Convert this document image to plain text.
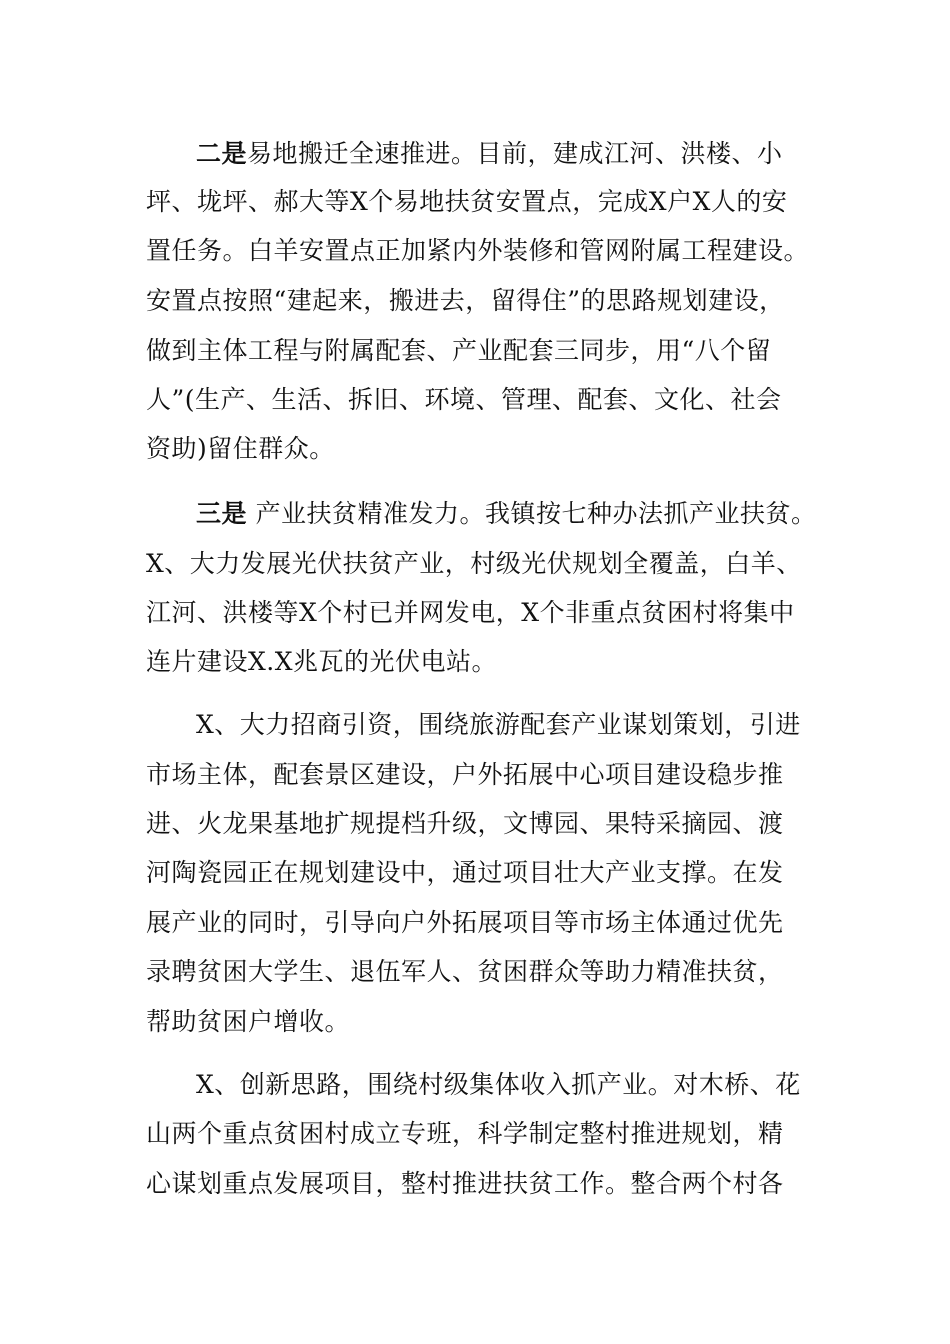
二是易地搬迁全速推进。目前，建成江河、洪楼、小
坪、垅坪、郝大等X个易地扶贫安置点，完成X户X人的安
置任务。白羊安置点正加紧内外装修和管网附属工程建设。
安置点按照“建起来，搬进去，留得住”的思路规划建设，
做到主体工程与附属配套、产业配套三同步，用“八个留
人”(生产、生活、拆旧、环境、管理、配套、文化、社会
资助)留住群众。
三是 产业扶贫精准发力。我镇按七种办法抓产业扶贫。
X、大力发展光伏扶贫产业，村级光伏规划全覆盖，白羊、
江河、洪楼等X个村已并网发电，X个非重点贫困村将集中
连片建设X.X兆瓦的光伏电站。
X、大力招商引资，围绕旅游配套产业谋划策划，引进
市场主体，配套景区建设，户外拓展中心项目建设稳步推
进、火龙果基地扩规提档升级，文博园、果特采摘园、渡
河陶瓷园正在规划建设中，通过项目壮大产业支撑。在发
展产业的同时，引导向户外拓展项目等市场主体通过优先
录聘贫困大学生、退伍军人、贫困群众等助力精准扶贫，
帮助贫困户增收。
X、创新思路，围绕村级集体收入抓产业。对木桥、花
山两个重点贫困村成立专班，科学制定整村推进规划，精
心谋划重点发展项目，整村推进扶贫工作。整合两个村各
